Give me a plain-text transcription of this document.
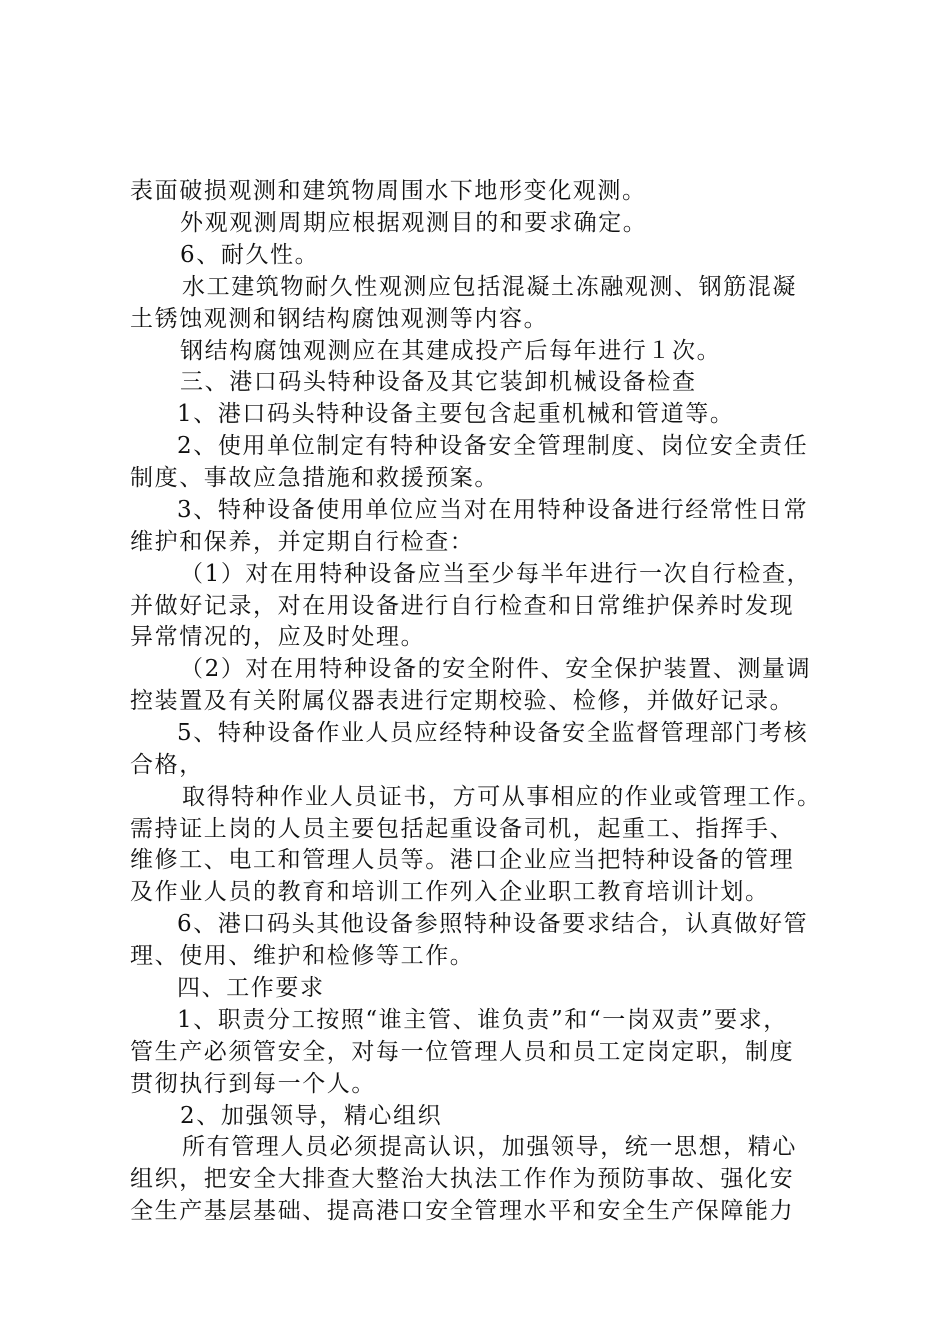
表面破损观测和建筑物周围水下地形变化观测。

外观观测周期应根据观测目的和要求确定。

6、耐久性。

水工建筑物耐久性观测应包括混凝土冻融观测、钢筋混凝

土锈蚀观测和钢结构腐蚀观测等内容。

钢结构腐蚀观测应在其建成投产后每年进行１次。

三、港口码头特种设备及其它装卸机械设备检查

1、港口码头特种设备主要包含起重机械和管道等。

2、使用单位制定有特种设备安全管理制度、岗位安全责任

制度、事故应急措施和救援预案。

3、特种设备使用单位应当对在用特种设备进行经常性日常

维护和保养，并定期自行检查：

（1）对在用特种设备应当至少每半年进行一次自行检查，

并做好记录，对在用设备进行自行检查和日常维护保养时发现

异常情况的，应及时处理。

（2）对在用特种设备的安全附件、安全保护装置、测量调

控装置及有关附属仪器表进行定期校验、检修，并做好记录。

5、特种设备作业人员应经特种设备安全监督管理部门考核

合格，

取得特种作业人员证书，方可从事相应的作业或管理工作。

需持证上岗的人员主要包括起重设备司机，起重工、指挥手、

维修工、电工和管理人员等。港口企业应当把特种设备的管理

及作业人员的教育和培训工作列入企业职工教育培训计划。

6、港口码头其他设备参照特种设备要求结合，认真做好管

理、使用、维护和检修等工作。

四、工作要求

1、职责分工按照“谁主管、谁负责”和“一岗双责”要求，

管生产必须管安全，对每一位管理人员和员工定岗定职，制度

贯彻执行到每一个人。

2、加强领导，精心组织

所有管理人员必须提高认识，加强领导，统一思想，精心

组织，把安全大排查大整治大执法工作作为预防事故、强化安

全生产基层基础、提高港口安全管理水平和安全生产保障能力
